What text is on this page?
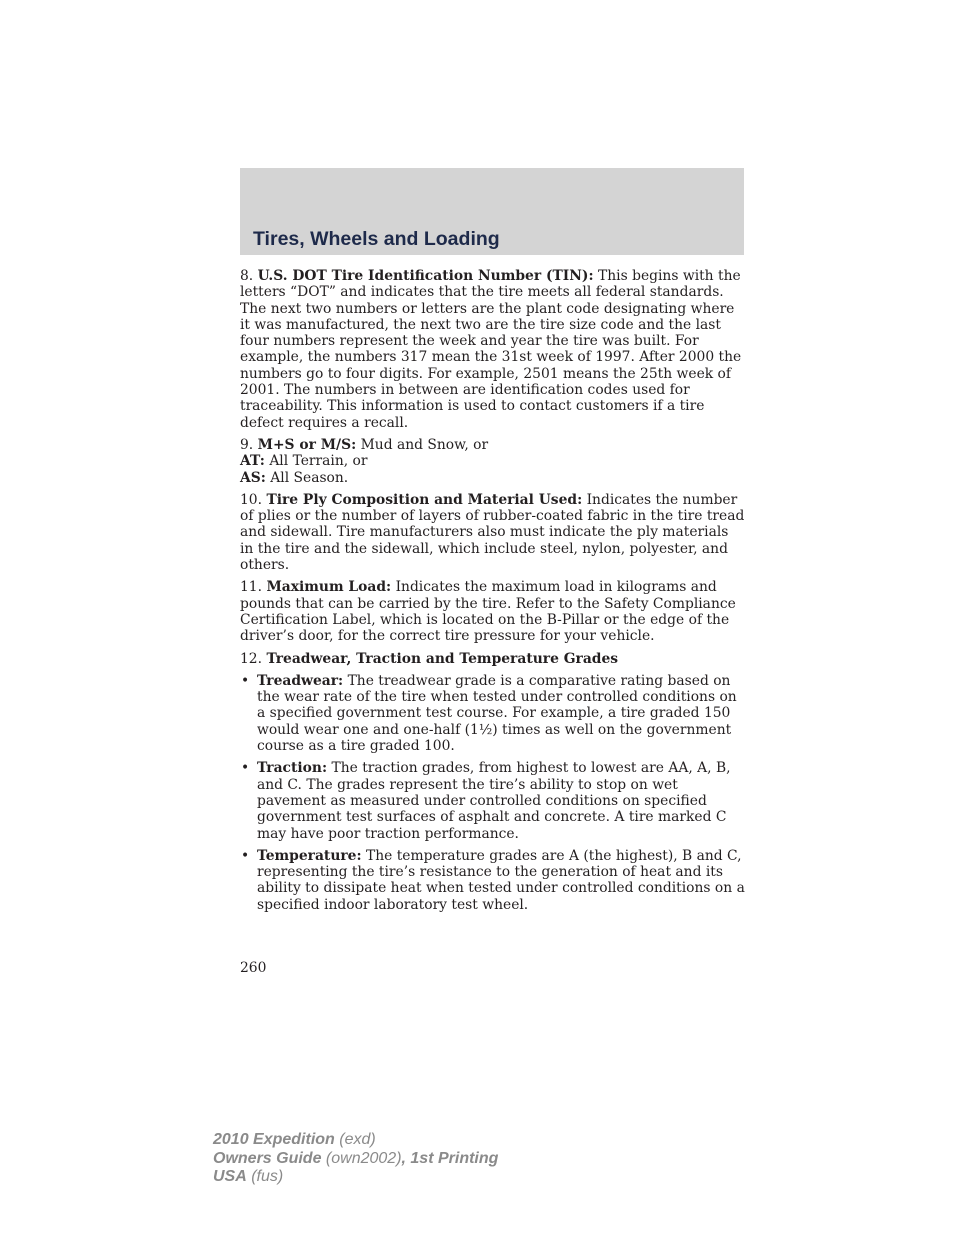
Tires, Wheels and Loading

8. U.S. DOT Tire Identification Number (TIN): This begins with the letters “DOT” and indicates that the tire meets all federal standards. The next two numbers or letters are the plant code designating where it was manufactured, the next two are the tire size code and the last four numbers represent the week and year the tire was built. For example, the numbers 317 mean the 31st week of 1997. After 2000 the numbers go to four digits. For example, 2501 means the 25th week of 2001. The numbers in between are identification codes used for traceability. This information is used to contact customers if a tire defect requires a recall.

9. M+S or M/S: Mud and Snow, or
AT: All Terrain, or
AS: All Season.

10. Tire Ply Composition and Material Used: Indicates the number of plies or the number of layers of rubber-coated fabric in the tire tread and sidewall. Tire manufacturers also must indicate the ply materials in the tire and the sidewall, which include steel, nylon, polyester, and others.

11. Maximum Load: Indicates the maximum load in kilograms and pounds that can be carried by the tire. Refer to the Safety Compliance Certification Label, which is located on the B-Pillar or the edge of the driver’s door, for the correct tire pressure for your vehicle.

12. Treadwear, Traction and Temperature Grades

• Treadwear: The treadwear grade is a comparative rating based on the wear rate of the tire when tested under controlled conditions on a specified government test course. For example, a tire graded 150 would wear one and one-half (1½) times as well on the government course as a tire graded 100.
• Traction: The traction grades, from highest to lowest are AA, A, B, and C. The grades represent the tire’s ability to stop on wet pavement as measured under controlled conditions on specified government test surfaces of asphalt and concrete. A tire marked C may have poor traction performance.
• Temperature: The temperature grades are A (the highest), B and C, representing the tire’s resistance to the generation of heat and its ability to dissipate heat when tested under controlled conditions on a specified indoor laboratory test wheel.
260
2010 Expedition (exd)
Owners Guide (own2002), 1st Printing
USA (fus)
